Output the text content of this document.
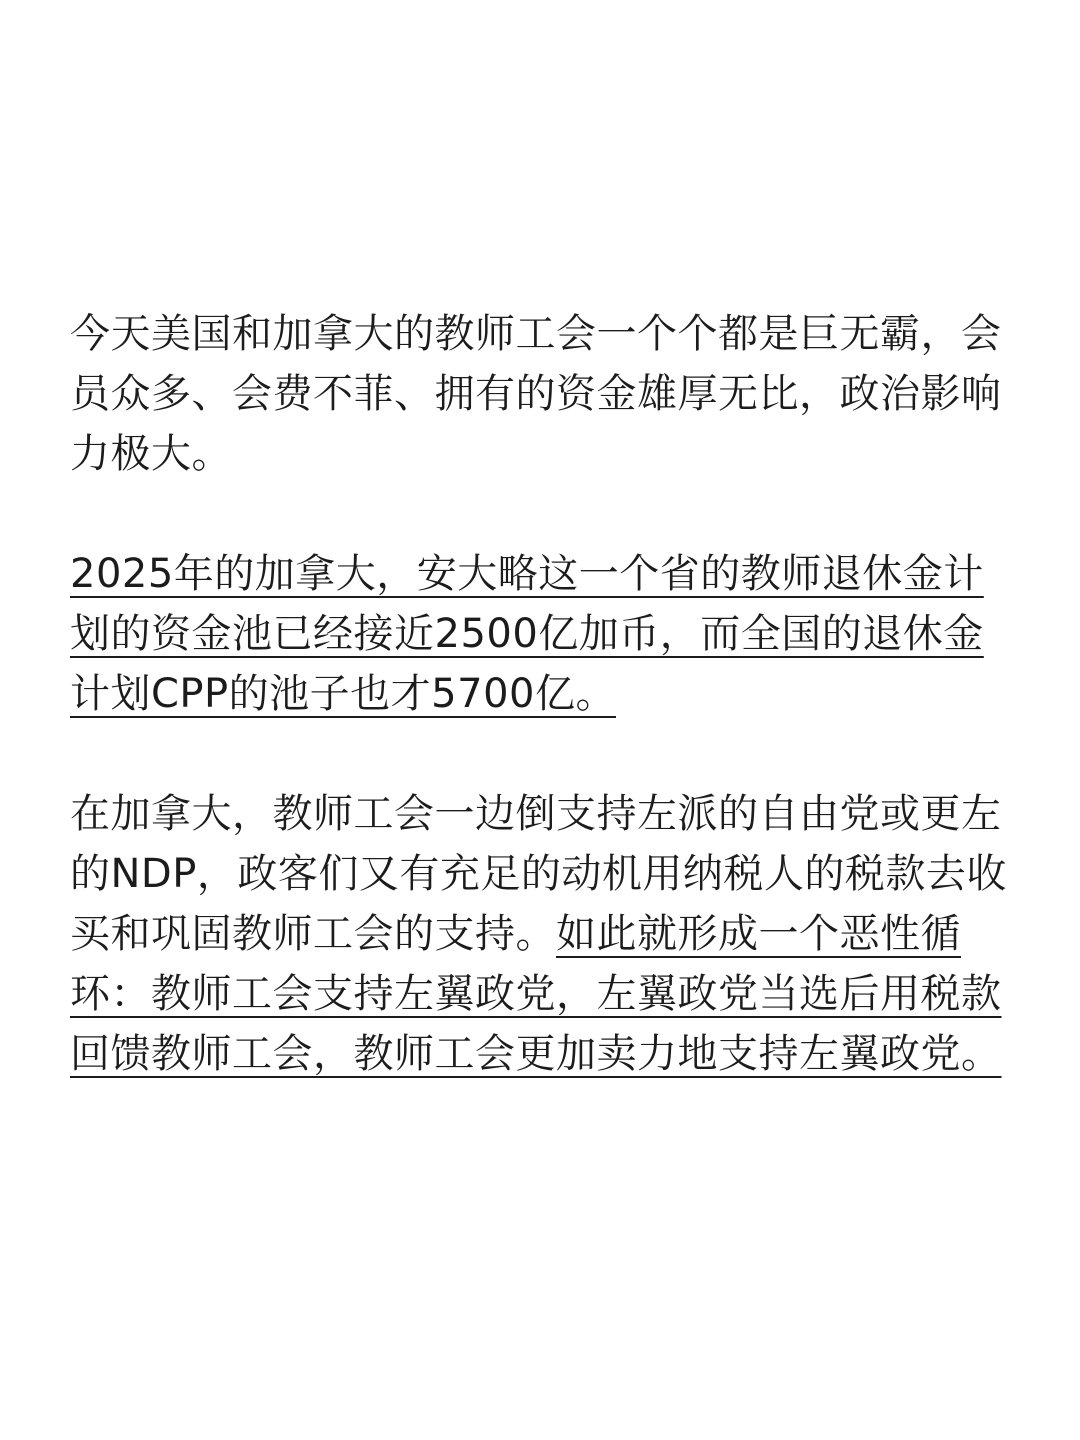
今天美国和加拿大的教师工会一个个都是巨无霸，会员众多、会费不菲、拥有的资金雄厚无比，政治影响力极大。

2025年的加拿大，安大略这一个省的教师退休金计划的资金池已经接近2500亿加币，而全国的退休金计划CPP的池子也才5700亿。

在加拿大，教师工会一边倒支持左派的自由党或更左的NDP，政客们又有充足的动机用纳税人的税款去收买和巩固教师工会的支持。如此就形成一个恶性循环：教师工会支持左翼政党，左翼政党当选后用税款回馈教师工会，教师工会更加卖力地支持左翼政党。
